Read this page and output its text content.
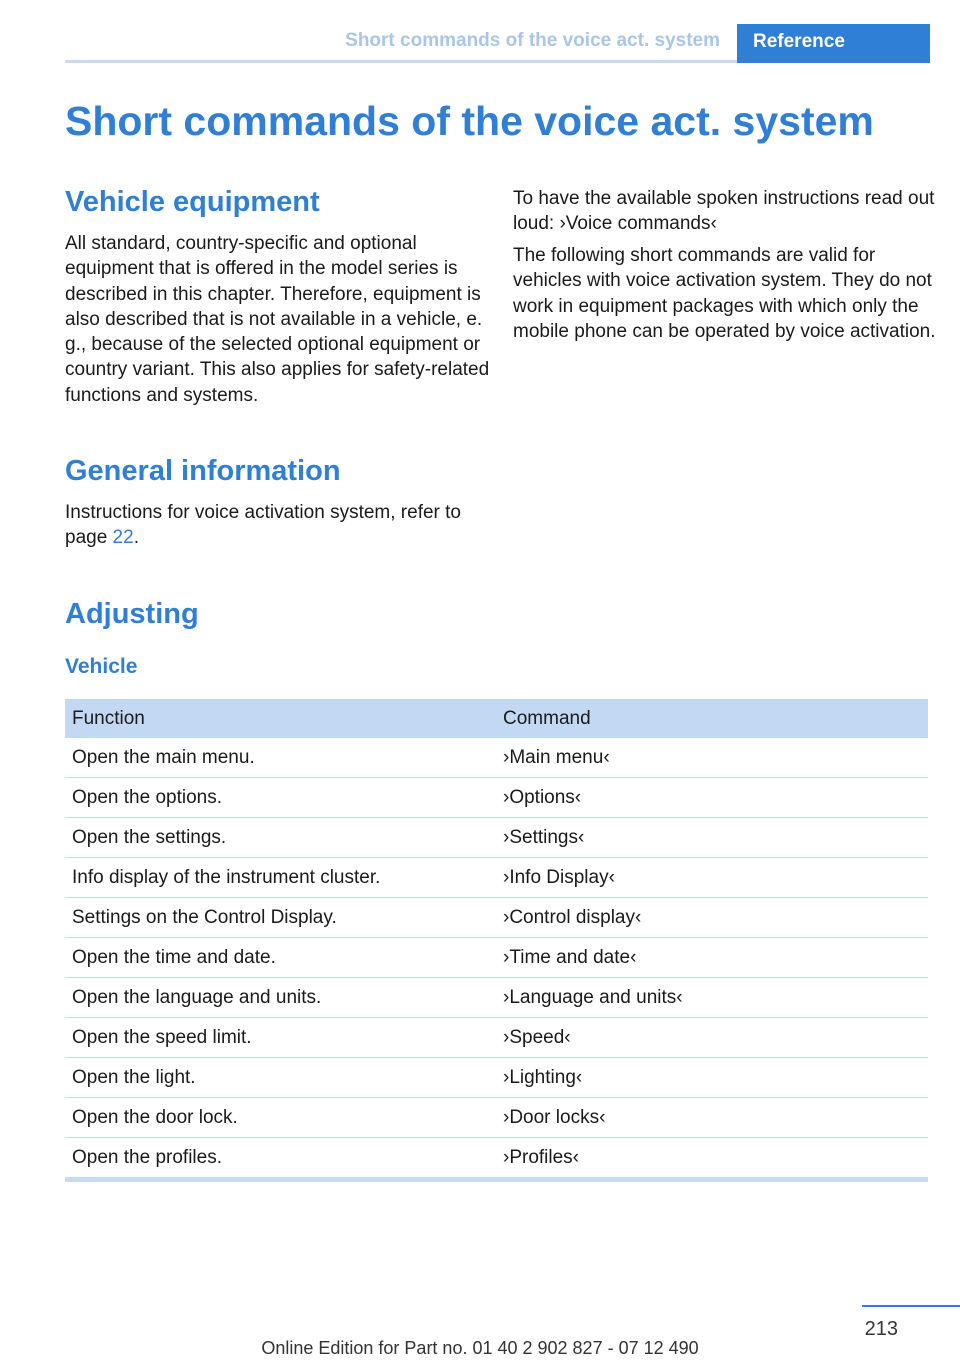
Short commands of the voice act. system	Reference
Short commands of the voice act. system
Vehicle equipment

All standard, country-specific and optional equipment that is offered in the model series is described in this chapter. Therefore, equipment is also described that is not available in a vehicle, e. g., because of the selected optional equipment or country variant. This also applies for safety-related functions and systems.

General information

Instructions for voice activation system, refer to page 22.

To have the available spoken instructions read out loud: ›Voice commands‹

The following short commands are valid for vehicles with voice activation system. They do not work in equipment packages with which only the mobile phone can be operated by voice activation.

Adjusting
Vehicle
Function	Command
Open the main menu.	›Main menu‹
Open the options.	›Options‹
Open the settings.	›Settings‹
Info display of the instrument cluster.	›Info Display‹
Settings on the Control Display.	›Control display‹
Open the time and date.	›Time and date‹
Open the language and units.	›Language and units‹
Open the speed limit.	›Speed‹
Open the light.	›Lighting‹
Open the door lock.	›Door locks‹
Open the profiles.	›Profiles‹
213
Online Edition for Part no. 01 40 2 902 827 - 07 12 490
